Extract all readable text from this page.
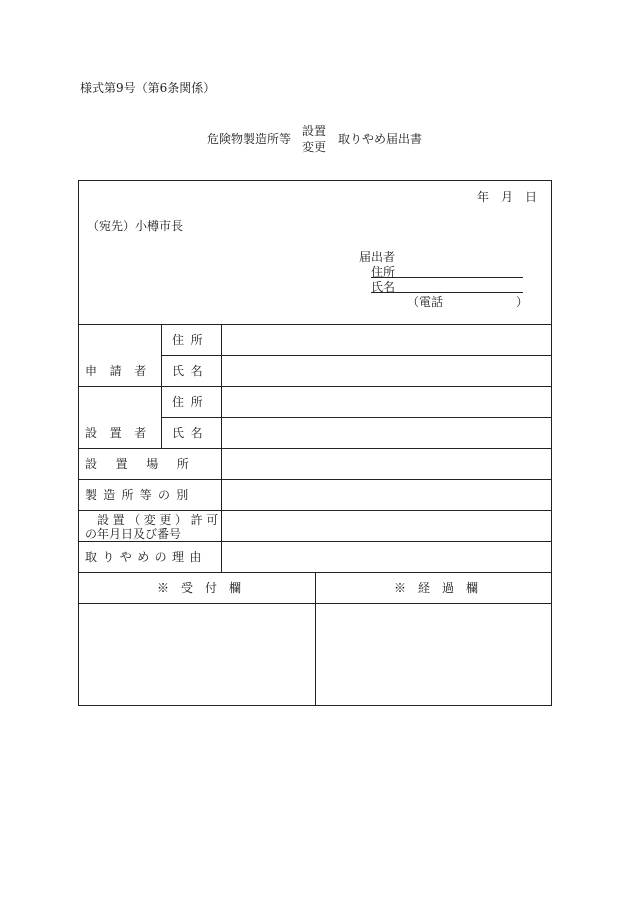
様式第9号（第6条関係）
危険物製造所等
設置
変更
取りやめ届出書
年 月 日
（宛先）小樽市長
届出者
住所
氏名
（電話	）
住所
申請者 氏名
住所
設置者 氏名
設置場所
製造所等の別
設置（変更）許可
の年月日及び番号
取りやめの理由
※　受　付　欄	※　経　過　欄
